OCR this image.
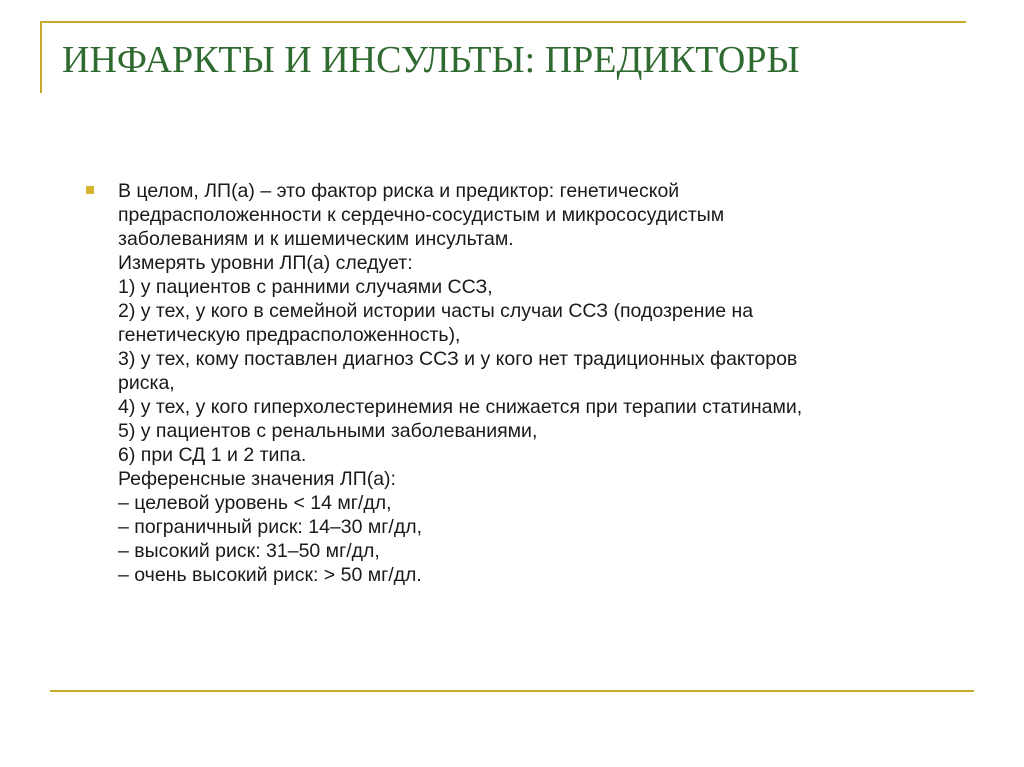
ИНФАРКТЫ И ИНСУЛЬТЫ: ПРЕДИКТОРЫ
В целом, ЛП(а) – это фактор риска и предиктор: генетической
предрасположенности к сердечно-сосудистым и микрососудистым
заболеваниям и к ишемическим инсультам.
Измерять уровни ЛП(а) следует:
1) у пациентов с ранними случаями ССЗ,
2) у тех, у кого в семейной истории часты случаи ССЗ (подозрение на
генетическую предрасположенность),
3) у тех, кому поставлен диагноз ССЗ и у кого нет традиционных факторов
риска,
4) у тех, у кого гиперхолестеринемия не снижается при терапии статинами,
5) у пациентов с ренальными заболеваниями,
6) при СД 1 и 2 типа.
Референсные значения ЛП(а):
– целевой уровень < 14 мг/дл,
– пограничный риск: 14–30 мг/дл,
– высокий риск: 31–50 мг/дл,
– очень высокий риск: > 50 мг/дл.
